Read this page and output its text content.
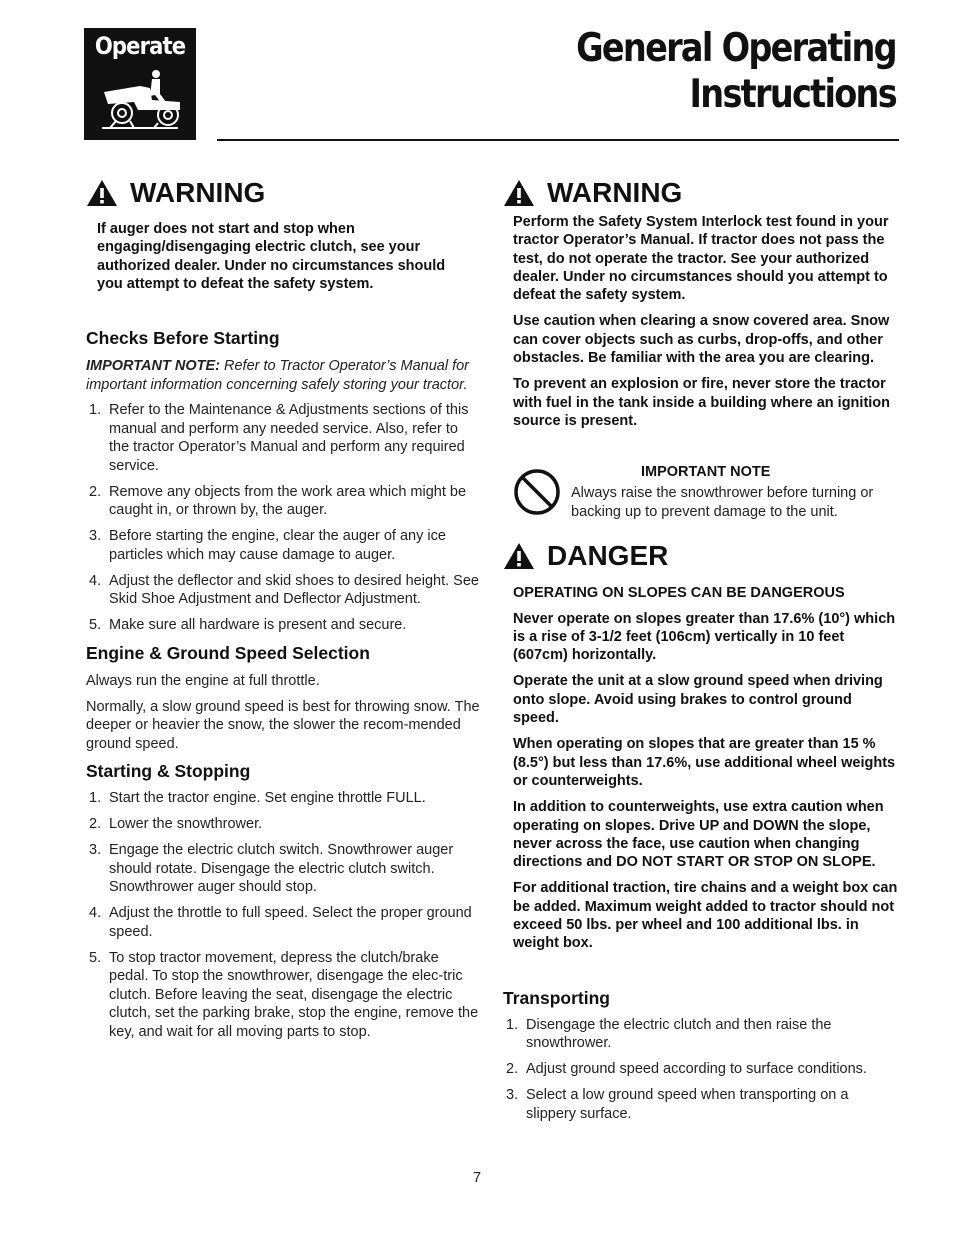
Operate	General Operating
Instructions
WARNING

If auger does not start and stop when engaging/disengaging electric clutch, see your authorized dealer. Under no circumstances should you attempt to defeat the safety system.

Checks Before Starting

IMPORTANT NOTE: Refer to Tractor Operator’s Manual for important information concerning safely storing your tractor.

1. Refer to the Maintenance & Adjustments sections of this manual and perform any needed service. Also, refer to the tractor Operator’s Manual and perform any required service.
2. Remove any objects from the work area which might be caught in, or thrown by, the auger.
3. Before starting the engine, clear the auger of any ice particles which may cause damage to auger.
4. Adjust the deflector and skid shoes to desired height. See Skid Shoe Adjustment and Deflector Adjustment.
5. Make sure all hardware is present and secure.
Engine & Ground Speed Selection

Always run the engine at full throttle.

Normally, a slow ground speed is best for throwing snow. The deeper or heavier the snow, the slower the recom-mended ground speed.

Starting & Stopping
1. Start the tractor engine. Set engine throttle FULL.
2. Lower the snowthrower.
3. Engage the electric clutch switch. Snowthrower auger should rotate. Disengage the electric clutch switch. Snowthrower auger should stop.
4. Adjust the throttle to full speed. Select the proper ground speed.
5. To stop tractor movement, depress the clutch/brake pedal. To stop the snowthrower, disengage the elec-tric clutch. Before leaving the seat, disengage the electric clutch, set the parking brake, stop the engine, remove the key, and wait for all moving parts to stop.
WARNING

Perform the Safety System Interlock test found in your tractor Operator’s Manual. If tractor does not pass the test, do not operate the tractor. See your authorized dealer. Under no circumstances should you attempt to defeat the safety system.

Use caution when clearing a snow covered area. Snow can cover objects such as curbs, drop-offs, and other obstacles. Be familiar with the area you are clearing.

To prevent an explosion or fire, never store the tractor with fuel in the tank inside a building where an ignition source is present.

IMPORTANT NOTE
Always raise the snowthrower before turning or backing up to prevent damage to the unit.
DANGER

OPERATING ON SLOPES CAN BE DANGEROUS

Never operate on slopes greater than 17.6% (10°) which is a rise of 3-1/2 feet (106cm) vertically in 10 feet (607cm) horizontally.

Operate the unit at a slow ground speed when driving onto slope. Avoid using brakes to control ground speed.

When operating on slopes that are greater than 15 % (8.5°) but less than 17.6%, use additional wheel weights or counterweights.

In addition to counterweights, use extra caution when operating on slopes. Drive UP and DOWN the slope, never across the face, use caution when changing directions and DO NOT START OR STOP ON SLOPE.

For additional traction, tire chains and a weight box can be added. Maximum weight added to tractor should not exceed 50 lbs. per wheel and 100 additional lbs. in weight box.

Transporting
1. Disengage the electric clutch and then raise the snowthrower.
2. Adjust ground speed according to surface conditions.
3. Select a low ground speed when transporting on a slippery surface.
7
